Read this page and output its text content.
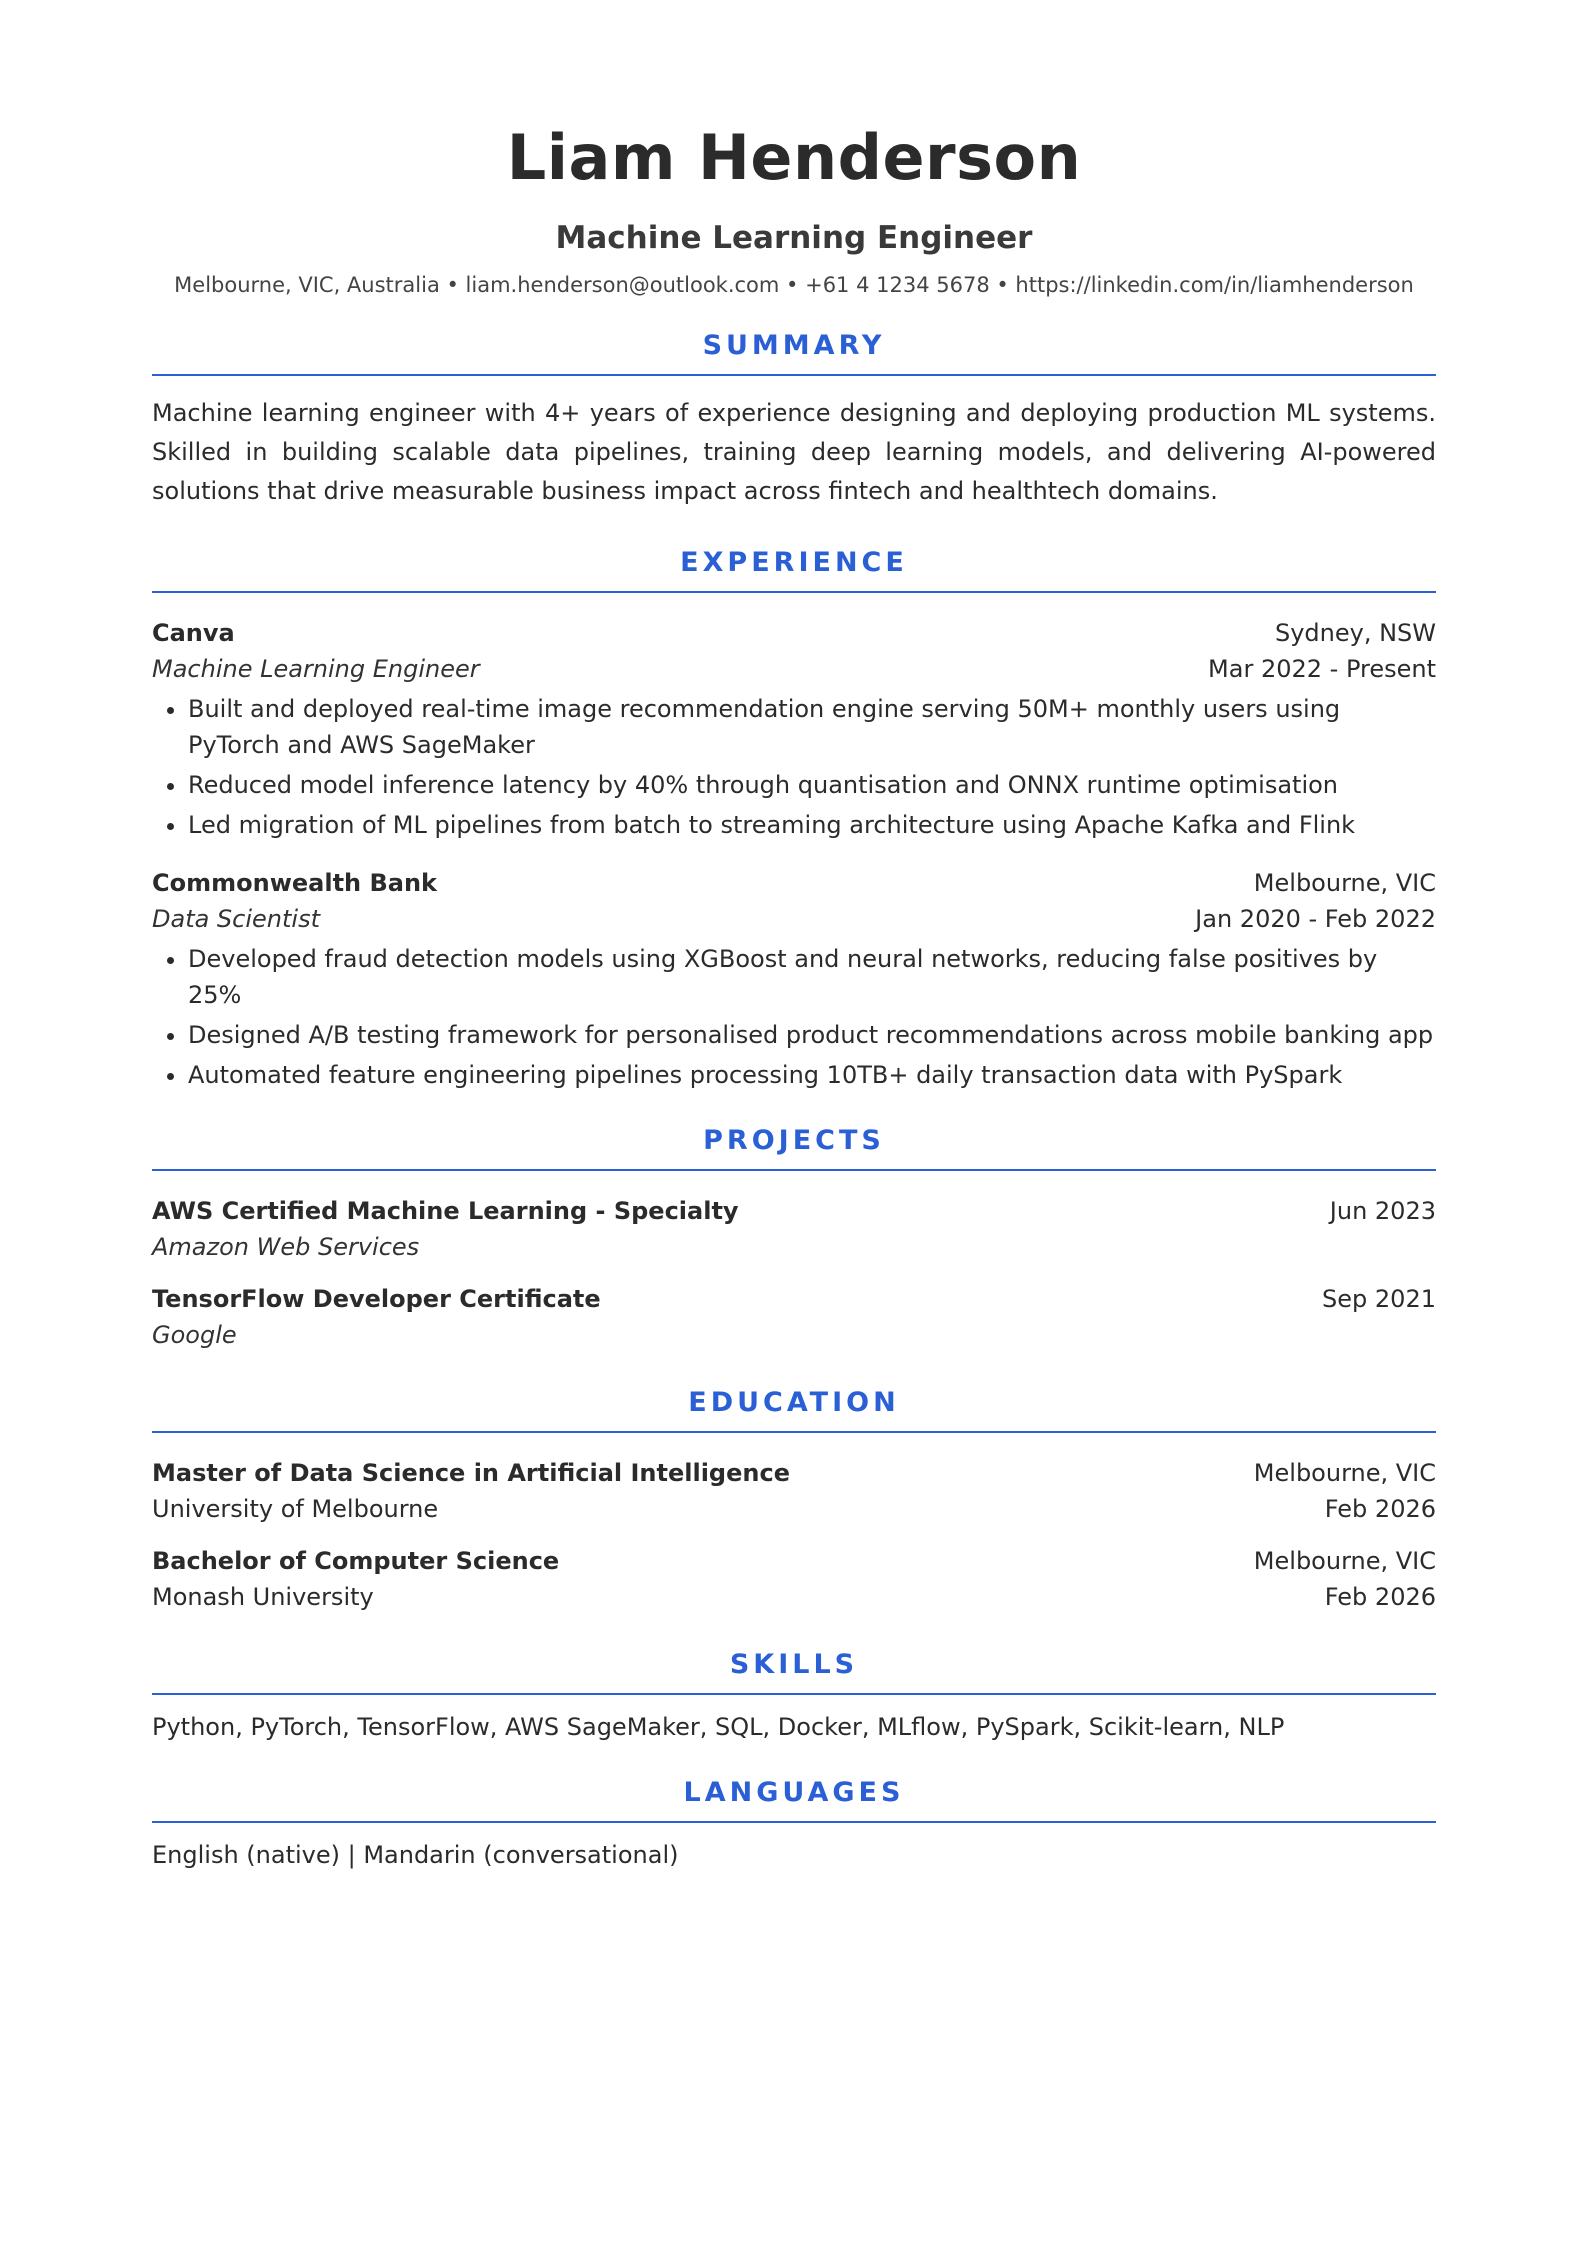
Liam Henderson
Machine Learning Engineer
Melbourne, VIC, Australia • liam.henderson@outlook.com • +61 4 1234 5678 • https://linkedin.com/in/liamhenderson
SUMMARY
Machine learning engineer with 4+ years of experience designing and deploying production ML systems. Skilled in building scalable data pipelines, training deep learning models, and delivering AI-powered solutions that drive measurable business impact across fintech and healthtech domains.
EXPERIENCE
Canva	Sydney, NSW
Machine Learning Engineer	Mar 2022 - Present
• Built and deployed real-time image recommendation engine serving 50M+ monthly users using PyTorch and AWS SageMaker
• Reduced model inference latency by 40% through quantisation and ONNX runtime optimisation
• Led migration of ML pipelines from batch to streaming architecture using Apache Kafka and Flink
Commonwealth Bank	Melbourne, VIC
Data Scientist	Jan 2020 - Feb 2022
• Developed fraud detection models using XGBoost and neural networks, reducing false positives by 25%
• Designed A/B testing framework for personalised product recommendations across mobile banking app
• Automated feature engineering pipelines processing 10TB+ daily transaction data with PySpark
PROJECTS
AWS Certified Machine Learning - Specialty	Jun 2023
Amazon Web Services
TensorFlow Developer Certificate	Sep 2021
Google
EDUCATION
Master of Data Science in Artificial Intelligence	Melbourne, VIC
University of Melbourne	Feb 2026
Bachelor of Computer Science	Melbourne, VIC
Monash University	Feb 2026
SKILLS
Python, PyTorch, TensorFlow, AWS SageMaker, SQL, Docker, MLflow, PySpark, Scikit-learn, NLP
LANGUAGES
English (native) | Mandarin (conversational)
